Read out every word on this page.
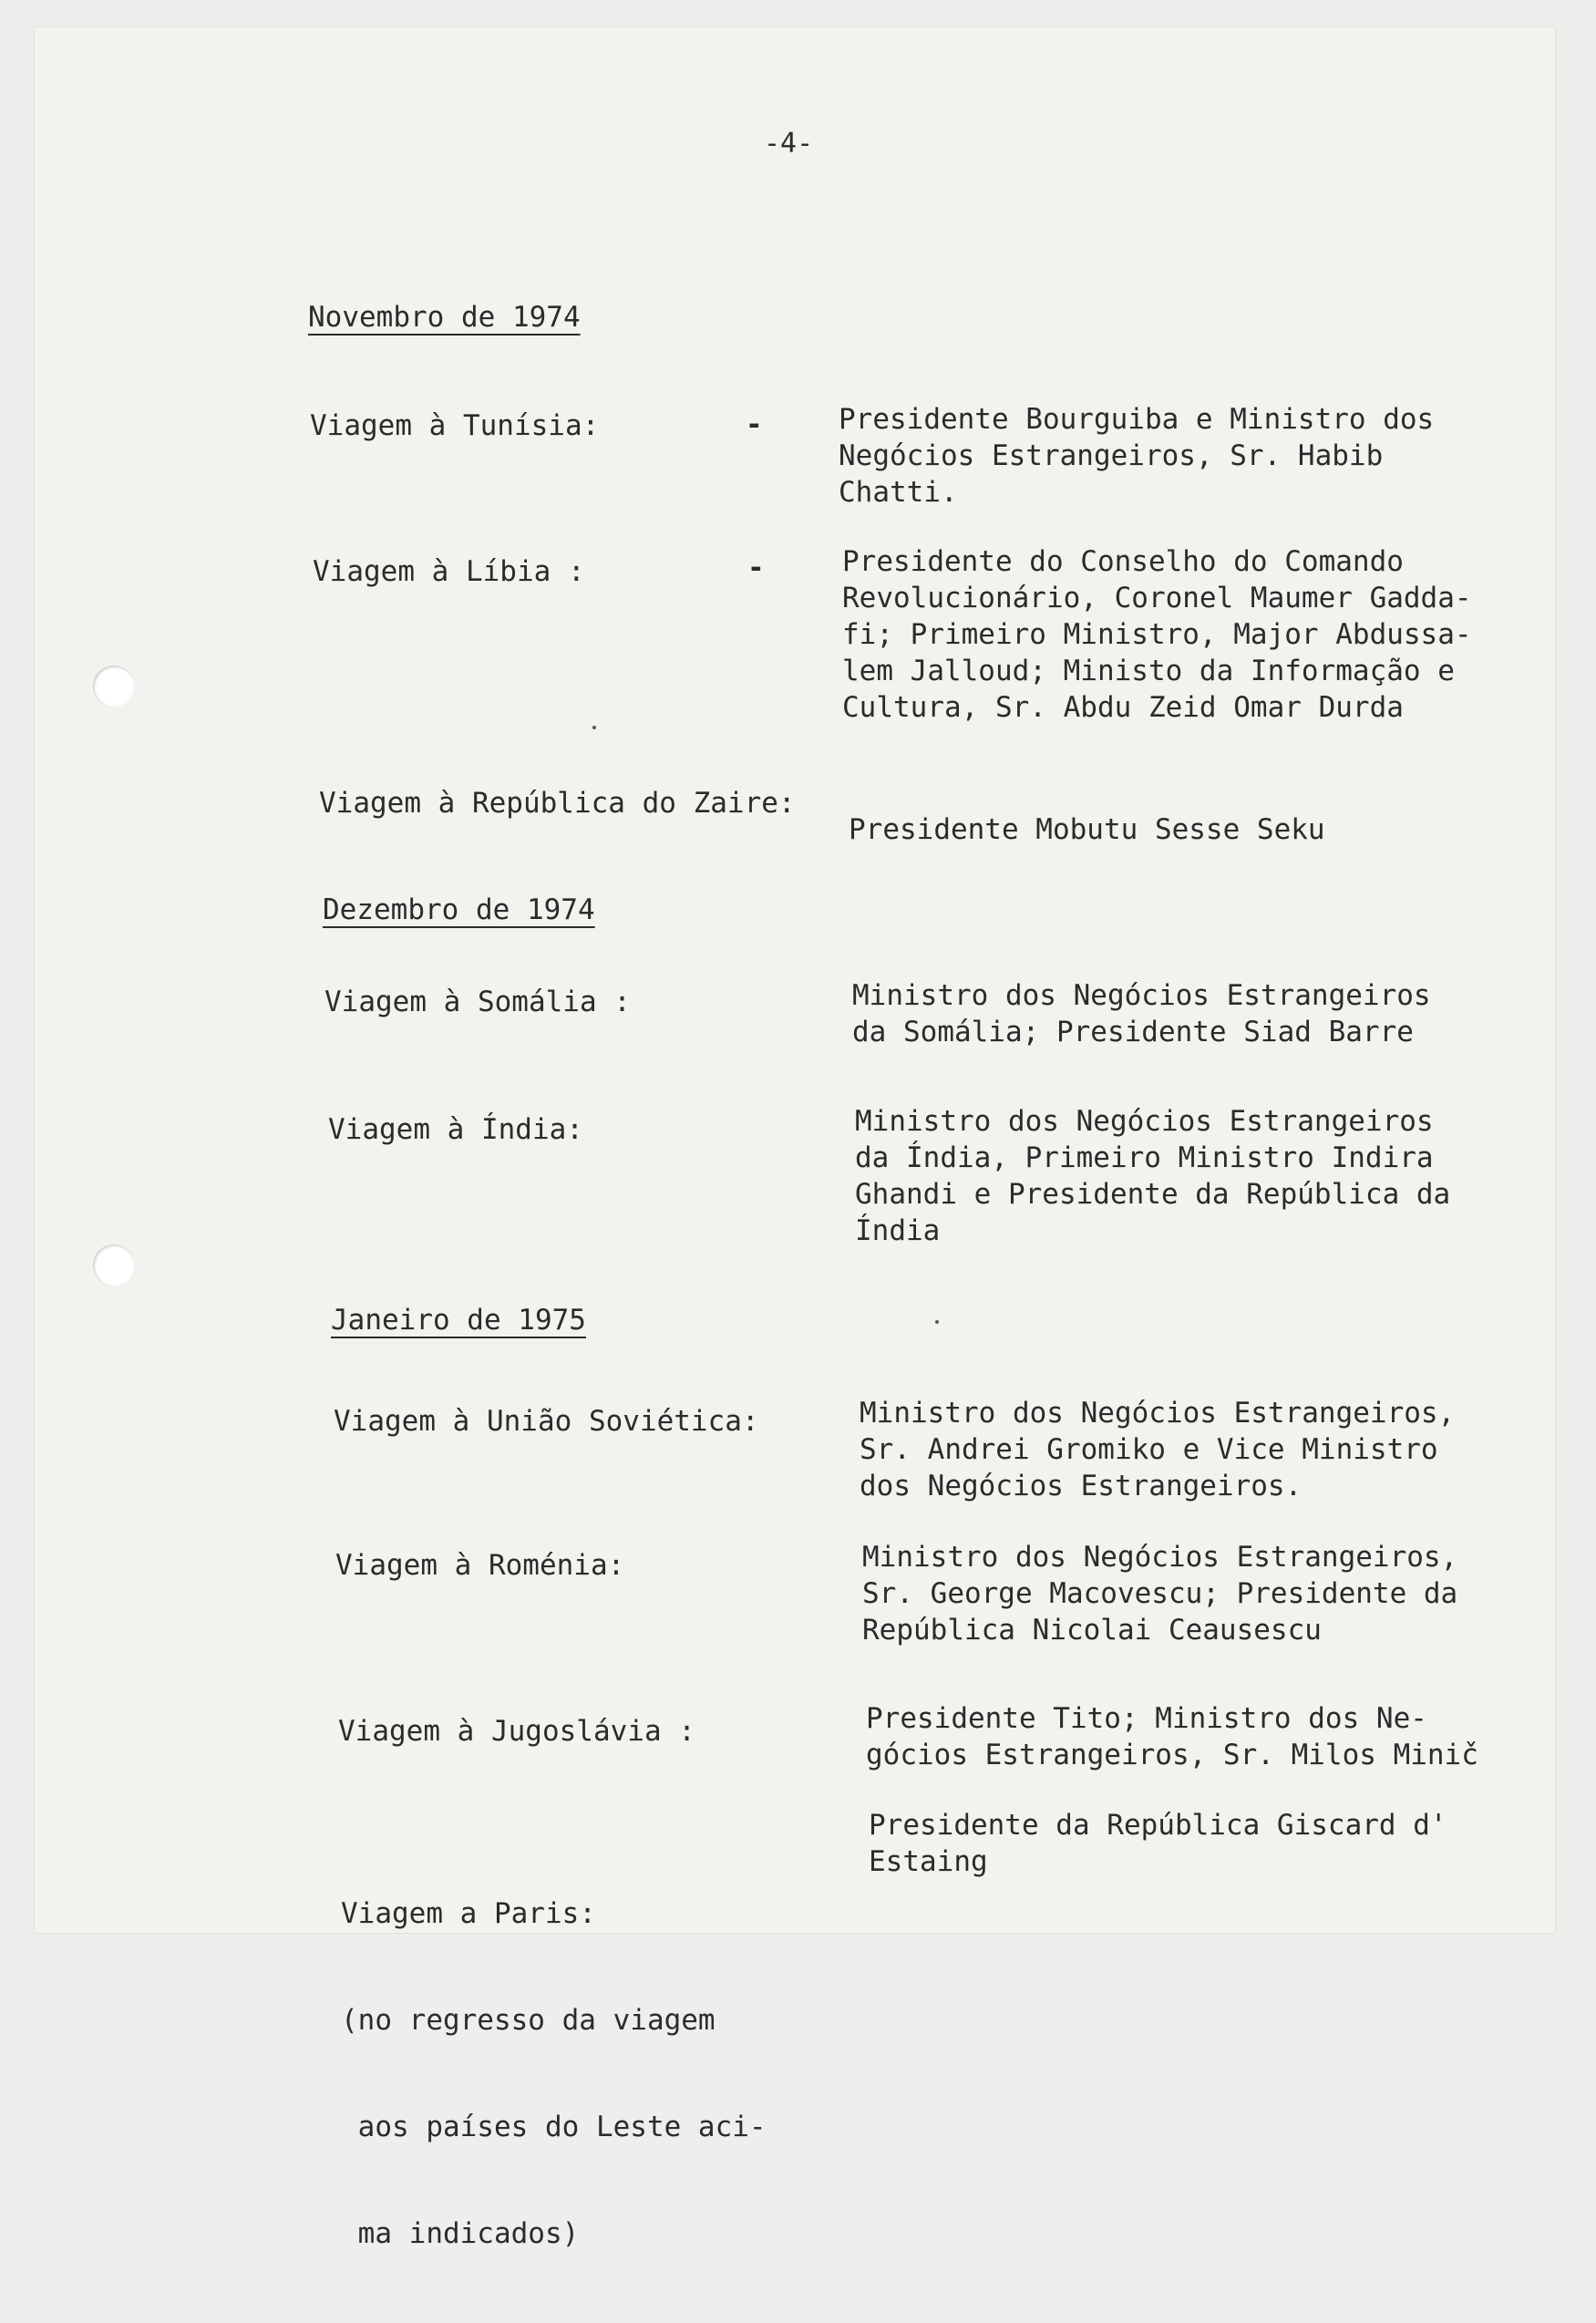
-4-
Novembro de 1974
Viagem à Tunísia:	-	Presidente Bourguiba e Ministro dos
Negócios Estrangeiros, Sr. Habib
Chatti.
Viagem à Líbia :	-	Presidente do Conselho do Comando
Revolucionário, Coronel Maumer Gadda-
fi; Primeiro Ministro, Major Abdussa-
lem Jalloud; Ministo da Informação e
Cultura, Sr. Abdu Zeid Omar Durda
Viagem à República do Zaire:
Presidente Mobutu Sesse Seku
Dezembro de 1974
Viagem à Somália :	Ministro dos Negócios Estrangeiros
da Somália; Presidente Siad Barre
Viagem à Índia:	Ministro dos Negócios Estrangeiros
da Índia, Primeiro Ministro Indira
Ghandi e Presidente da República da
Índia
Janeiro de 1975
Viagem à União Soviética:	Ministro dos Negócios Estrangeiros,
Sr. Andrei Gromiko e Vice Ministro
dos Negócios Estrangeiros.
Viagem à Roménia:	Ministro dos Negócios Estrangeiros,
Sr. George Macovescu; Presidente da
República Nicolai Ceausescu
Viagem à Jugoslávia :	Presidente Tito; Ministro dos Ne-
gócios Estrangeiros, Sr. Milos Minič

Viagem a Paris:

(no regresso da viagem

aos países do Leste aci-

ma indicados)

Presidente da República Giscard d'
Estaing
